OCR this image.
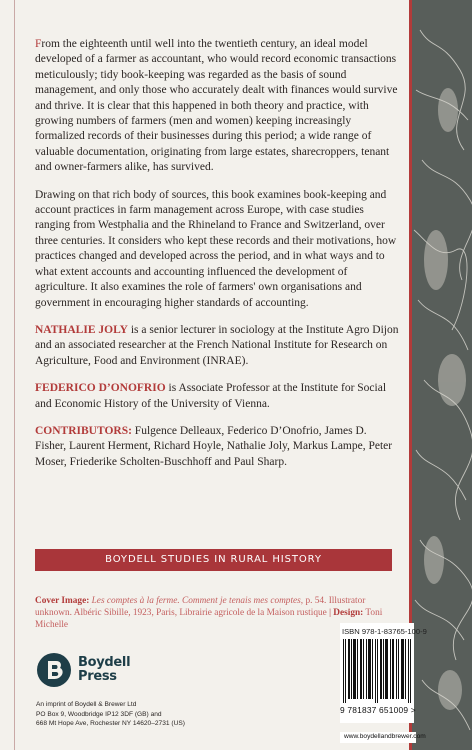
From the eighteenth until well into the twentieth century, an ideal model developed of a farmer as accountant, who would record economic transactions meticulously; tidy book-keeping was regarded as the basis of sound management, and only those who accurately dealt with finances would survive and thrive. It is clear that this happened in both theory and practice, with growing numbers of farmers (men and women) keeping increasingly formalized records of their businesses during this period; a wide range of valuable documentation, originating from large estates, sharecroppers, tenant and owner-farmers alike, has survived.

Drawing on that rich body of sources, this book examines book-keeping and account practices in farm management across Europe, with case studies ranging from Westphalia and the Rhineland to France and Switzerland, over three centuries. It considers who kept these records and their motivations, how practices changed and developed across the period, and in what ways and to what extent accounts and accounting influenced the development of agriculture. It also examines the role of farmers' own organisations and government in encouraging higher standards of accounting.

NATHALIE JOLY is a senior lecturer in sociology at the Institute Agro Dijon and an associated researcher at the French National Institute for Research on Agriculture, Food and Environment (INRAE).

FEDERICO D’ONOFRIO is Associate Professor at the Institute for Social and Economic History of the University of Vienna.

CONTRIBUTORS: Fulgence Delleaux, Federico D’Onofrio, James D. Fisher, Laurent Herment, Richard Hoyle, Nathalie Joly, Markus Lampe, Peter Moser, Friederike Scholten-Buschhoff and Paul Sharp.

BOYDELL STUDIES IN RURAL HISTORY
Cover Image: Les comptes à la ferme. Comment je tenais mes comptes, p. 54. Illustrator unknown. Albéric Sibille, 1923, Paris, Librairie agricole de la Maison rustique | Design: Toni Michelle
Boydell
Press
An imprint of Boydell & Brewer Ltd
PO Box 9, Woodbridge IP12 3DF (GB) and
668 Mt Hope Ave, Rochester NY 14620–2731 (US)
ISBN 978-1-83765-100-9
9 781837 651009 >
www.boydellandbrewer.com
